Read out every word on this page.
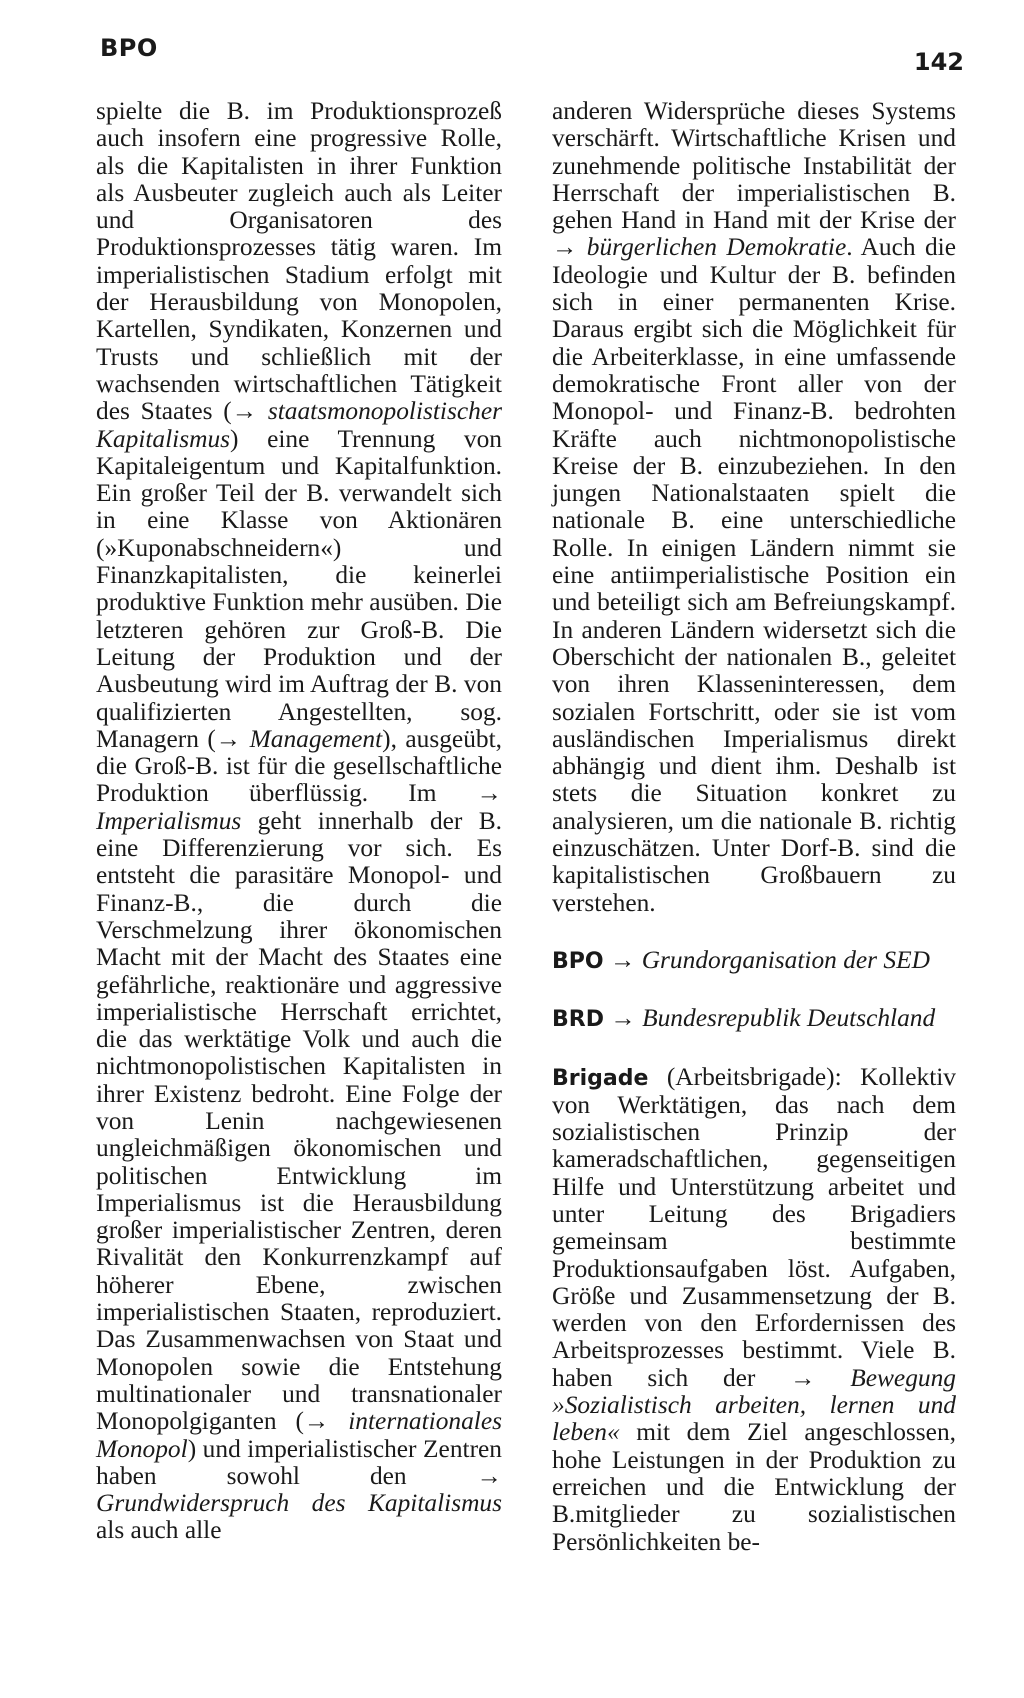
BPO	142

spielte die B. im Produktionsprozeß auch insofern eine progressive Rolle, als die Kapitalisten in ihrer Funktion als Ausbeuter zugleich auch als Leiter und Organisatoren des Produktionsprozesses tätig waren. Im imperialistischen Stadium erfolgt mit der Herausbildung von Monopolen, Kartellen, Syndikaten, Konzernen und Trusts und schließlich mit der wachsenden wirtschaftlichen Tätigkeit des Staates (→ staatsmonopolistischer Kapitalismus) eine Trennung von Kapitaleigentum und Kapitalfunktion. Ein großer Teil der B. verwandelt sich in eine Klasse von Aktionären (»Kuponabschneidern«) und Finanzkapitalisten, die keinerlei produktive Funktion mehr ausüben. Die letzteren gehören zur Groß-B. Die Leitung der Produktion und der Ausbeutung wird im Auftrag der B. von qualifizierten Angestellten, sog. Managern (→ Management), ausgeübt, die Groß-B. ist für die gesellschaftliche Produktion überflüssig. Im → Imperialismus geht innerhalb der B. eine Differenzierung vor sich. Es entsteht die parasitäre Monopol- und Finanz-B., die durch die Verschmelzung ihrer ökonomischen Macht mit der Macht des Staates eine gefährliche, reaktionäre und aggressive imperialistische Herrschaft errichtet, die das werktätige Volk und auch die nichtmonopolistischen Kapitalisten in ihrer Existenz bedroht. Eine Folge der von Lenin nachgewiesenen ungleichmäßigen ökonomischen und politischen Entwicklung im Imperialismus ist die Herausbildung großer imperialistischer Zentren, deren Rivalität den Konkurrenzkampf auf höherer Ebene, zwischen imperialistischen Staaten, reproduziert. Das Zusammenwachsen von Staat und Monopolen sowie die Entstehung multinationaler und transnationaler Monopolgiganten (→ internationales Monopol) und imperialistischer Zentren haben sowohl den → Grundwiderspruch des Kapitalismus als auch alle

anderen Widersprüche dieses Systems verschärft. Wirtschaftliche Krisen und zunehmende politische Instabilität der Herrschaft der imperialistischen B. gehen Hand in Hand mit der Krise der → bürgerlichen Demokratie. Auch die Ideologie und Kultur der B. befinden sich in einer permanenten Krise. Daraus ergibt sich die Möglichkeit für die Arbeiterklasse, in eine umfassende demokratische Front aller von der Monopol- und Finanz-B. bedrohten Kräfte auch nichtmonopolistische Kreise der B. einzubeziehen. In den jungen Nationalstaaten spielt die nationale B. eine unterschiedliche Rolle. In einigen Ländern nimmt sie eine antiimperialistische Position ein und beteiligt sich am Befreiungskampf. In anderen Ländern widersetzt sich die Oberschicht der nationalen B., geleitet von ihren Klasseninteressen, dem sozialen Fortschritt, oder sie ist vom ausländischen Imperialismus direkt abhängig und dient ihm. Deshalb ist stets die Situation konkret zu analysieren, um die nationale B. richtig einzuschätzen. Unter Dorf-B. sind die kapitalistischen Großbauern zu verstehen.

BPO → Grundorganisation der SED

BRD → Bundesrepublik Deutschland

Brigade (Arbeitsbrigade): Kollektiv von Werktätigen, das nach dem sozialistischen Prinzip der kameradschaftlichen, gegenseitigen Hilfe und Unterstützung arbeitet und unter Leitung des Brigadiers gemeinsam bestimmte Produktionsaufgaben löst. Aufgaben, Größe und Zusammensetzung der B. werden von den Erfordernissen des Arbeitsprozesses bestimmt. Viele B. haben sich der → Bewegung »Sozialistisch arbeiten, lernen und leben« mit dem Ziel angeschlossen, hohe Leistungen in der Produktion zu erreichen und die Entwicklung der B.mitglieder zu sozialistischen Persönlichkeiten be-
